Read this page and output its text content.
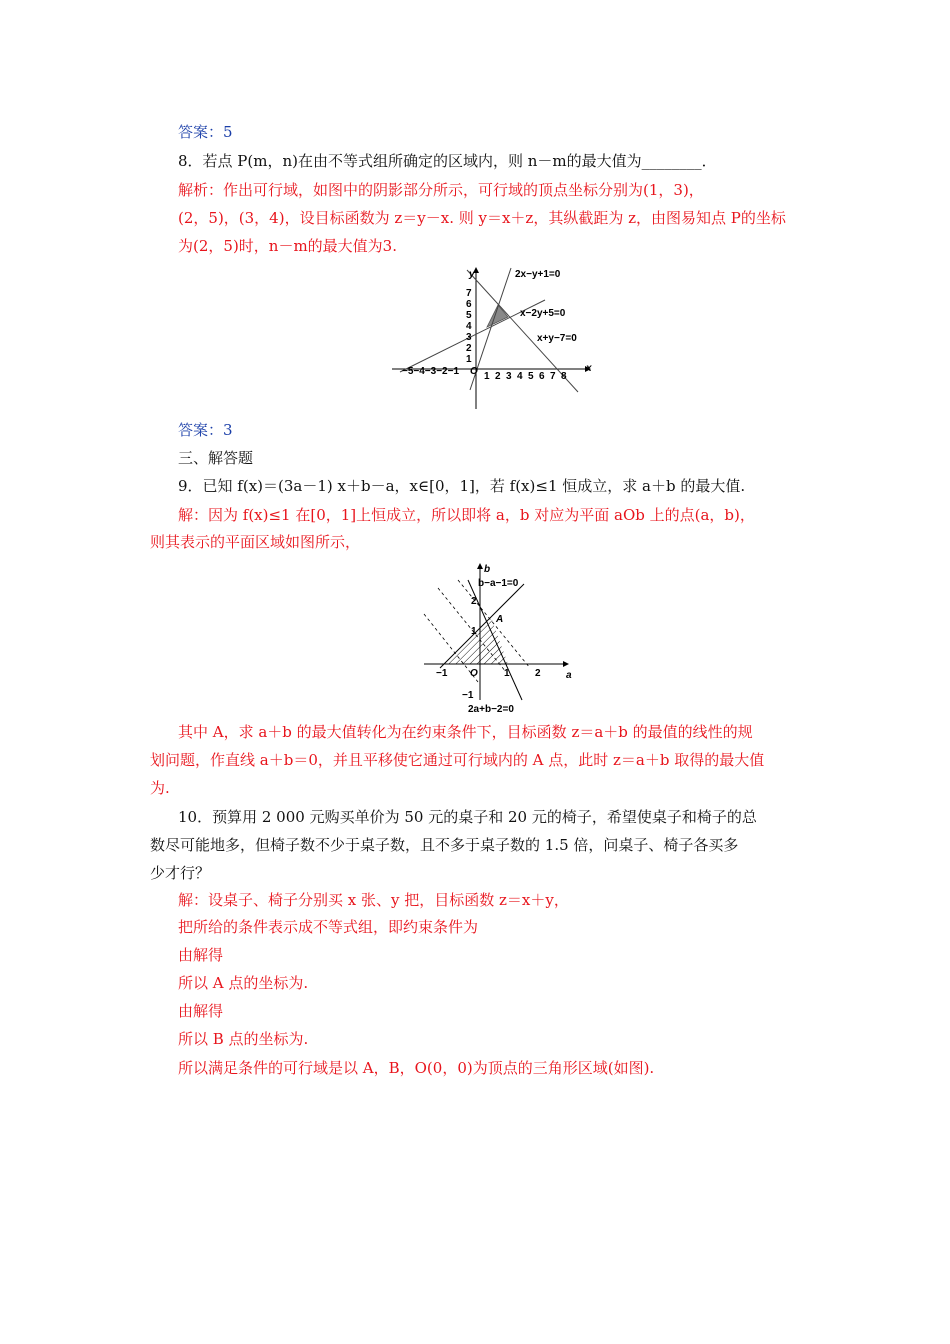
答案：5
8．若点 P(m，n)在由不等式组所确定的区域内，则 n－m的最大值为________．
解析：作出可行域，如图中的阴影部分所示，可行域的顶点坐标分别为(1，3)，
(2，5)，(3，4)，设目标函数为 z＝y－x. 则 y＝x＋z，其纵截距为 z，由图易知点 P的坐标
为(2，5)时，n－m的最大值为3.
2x−y+1=0
x−2y+5=0
x+y−7=0
y
x
O
−5−4−3−2−1
1
2
3
4
5
6
7
1 2 3 4 5 6 7 8
答案：3
三、解答题
9．已知 f(x)＝(3a－1) x＋b－a，x∈[0，1]，若 f(x)≤1 恒成立，求 a＋b 的最大值.
解：因为 f(x)≤1 在[0，1]上恒成立，所以即将 a，b 对应为平面 aOb 上的点(a，b)，
则其表示的平面区域如图所示，
b−a−1=0
2a+b−2=0
b
a
O
A
2
1
−1
−1	1	2
其中 A，求 a＋b 的最大值转化为在约束条件下，目标函数 z＝a＋b 的最值的线性的规
划问题，作直线 a＋b＝0，并且平移使它通过可行域内的 A 点，此时 z＝a＋b 取得的最大值
为.
10．预算用 2 000 元购买单价为 50 元的桌子和 20 元的椅子，希望使桌子和椅子的总
数尽可能地多，但椅子数不少于桌子数，且不多于桌子数的 1.5 倍，问桌子、椅子各买多
少才行？
解：设桌子、椅子分别买 x 张、y 把，目标函数 z＝x＋y，
把所给的条件表示成不等式组，即约束条件为
由解得
所以 A 点的坐标为.
由解得
所以 B 点的坐标为.
所以满足条件的可行域是以 A，B，O(0，0)为顶点的三角形区域(如图).
